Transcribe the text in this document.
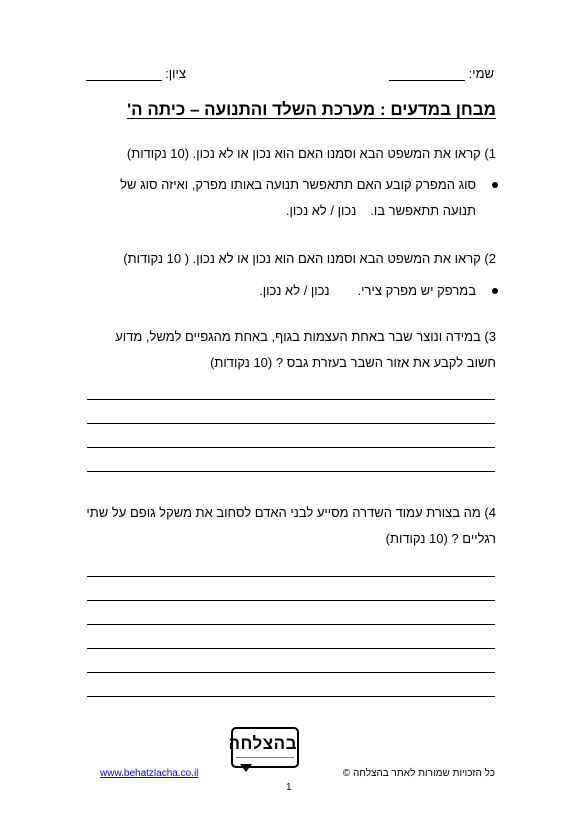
שמי:
ציון:
מבחן במדעים : מערכת השלד והתנועה – כיתה ה'
1) קראו את המשפט הבא וסמנו האם הוא נכון או לא נכון. (10 נקודות)
סוג המפרק קובע האם תתאפשר תנועה באותו מפרק, ואיזה סוג של תנועה תתאפשר בו.נכון / לא נכון.
2) קראו את המשפט הבא וסמנו האם הוא נכון או לא נכון. ( 10 נקודות)
במרפק יש מפרק צירי.נכון / לא נכון.
3) במידה ונוצר שבר באחת העצמות בגוף, באחת מהגפיים למשל, מדוע חשוב לקבע את אזור השבר בעזרת גבס ? (10 נקודות)
4) מה בצורת עמוד השדרה מסייע לבני האדם לסחוב את משקל גופם על שתי רגליים ? (10 נקודות)
בהצלחה
www.behatzlacha.co.il	כל הזכויות שמורות לאתר בהצלחה ©
1
